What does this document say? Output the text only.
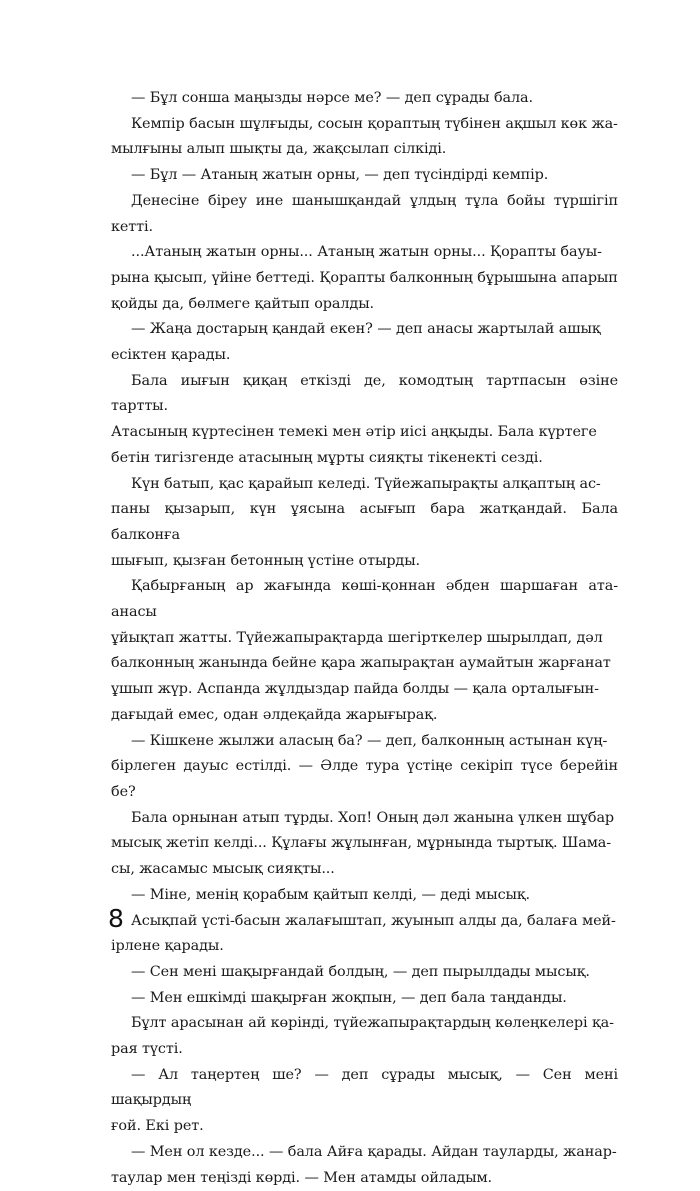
— Бұл сонша маңызды нәрсе ме? — деп сұрады бала.

Кемпір басын шұлғыды, сосын қораптың түбінен ақшыл көк жа-
мылғыны алып шықты да, жақсылап сілкіді.

— Бұл — Атаның жатын орны, — деп түсіндірді кемпір.

Денесіне біреу ине шанышқандай ұлдың тұла бойы түршігіп кетті.

...Атаның жатын орны... Атаның жатын орны... Қорапты бауы-
рына қысып, үйіне беттеді. Қорапты балконның бұрышына апарып
қойды да, бөлмеге қайтып оралды.

— Жаңа достарың қандай екен? — деп анасы жартылай ашық
есіктен қарады.

Бала иығын қиқаң еткізді де, комодтың тартпасын өзіне тартты.
Атасының күртесінен темекі мен әтір иісі аңқыды. Бала күртеге
бетін тигізгенде атасының мұрты сияқты тікенекті сезді.

Күн батып, қас қарайып келеді. Түйежапырақты алқаптың ас-
паны қызарып, күн ұясына асығып бара жатқандай. Бала балконға
шығып, қызған бетонның үстіне отырды.

Қабырғаның ар жағында көші-қоннан әбден шаршаған ата-анасы
ұйықтап жатты. Түйежапырақтарда шегірткелер шырылдап, дәл
балконның жанында бейне қара жапырақтан аумайтын жарғанат
ұшып жүр. Аспанда жұлдыздар пайда болды — қала орталығын-
дағыдай емес, одан әлдеқайда жарығырақ.

— Кішкене жылжи аласың ба? — деп, балконның астынан күң-
бірлеген дауыс естілді. — Әлде тура үстіңе секіріп түсе берейін бе?

Бала орнынан атып тұрды. Хоп! Оның дәл жанына үлкен шұбар
мысық жетіп келді... Құлағы жұлынған, мұрнында тыртық. Шама-
сы, жасамыс мысық сияқты...

— Міне, менің қорабым қайтып келді, — деді мысық.

Асықпай үсті-басын жалағыштап, жуынып алды да, балаға мей-
ірлене қарады.

— Сен мені шақырғандай болдың, — деп пырылдады мысық.

— Мен ешкімді шақырған жоқпын, — деп бала таңданды.

Бұлт арасынан ай көрінді, түйежапырақтардың көлеңкелері қа-
рая түсті.

— Ал таңертең ше? — деп сұрады мысық, — Сен мені шақырдың
ғой. Екі рет.

— Мен ол кезде... — бала Айға қарады. Айдан тауларды, жанар-
таулар мен теңізді көрді. — Мен атамды ойладым.

8
